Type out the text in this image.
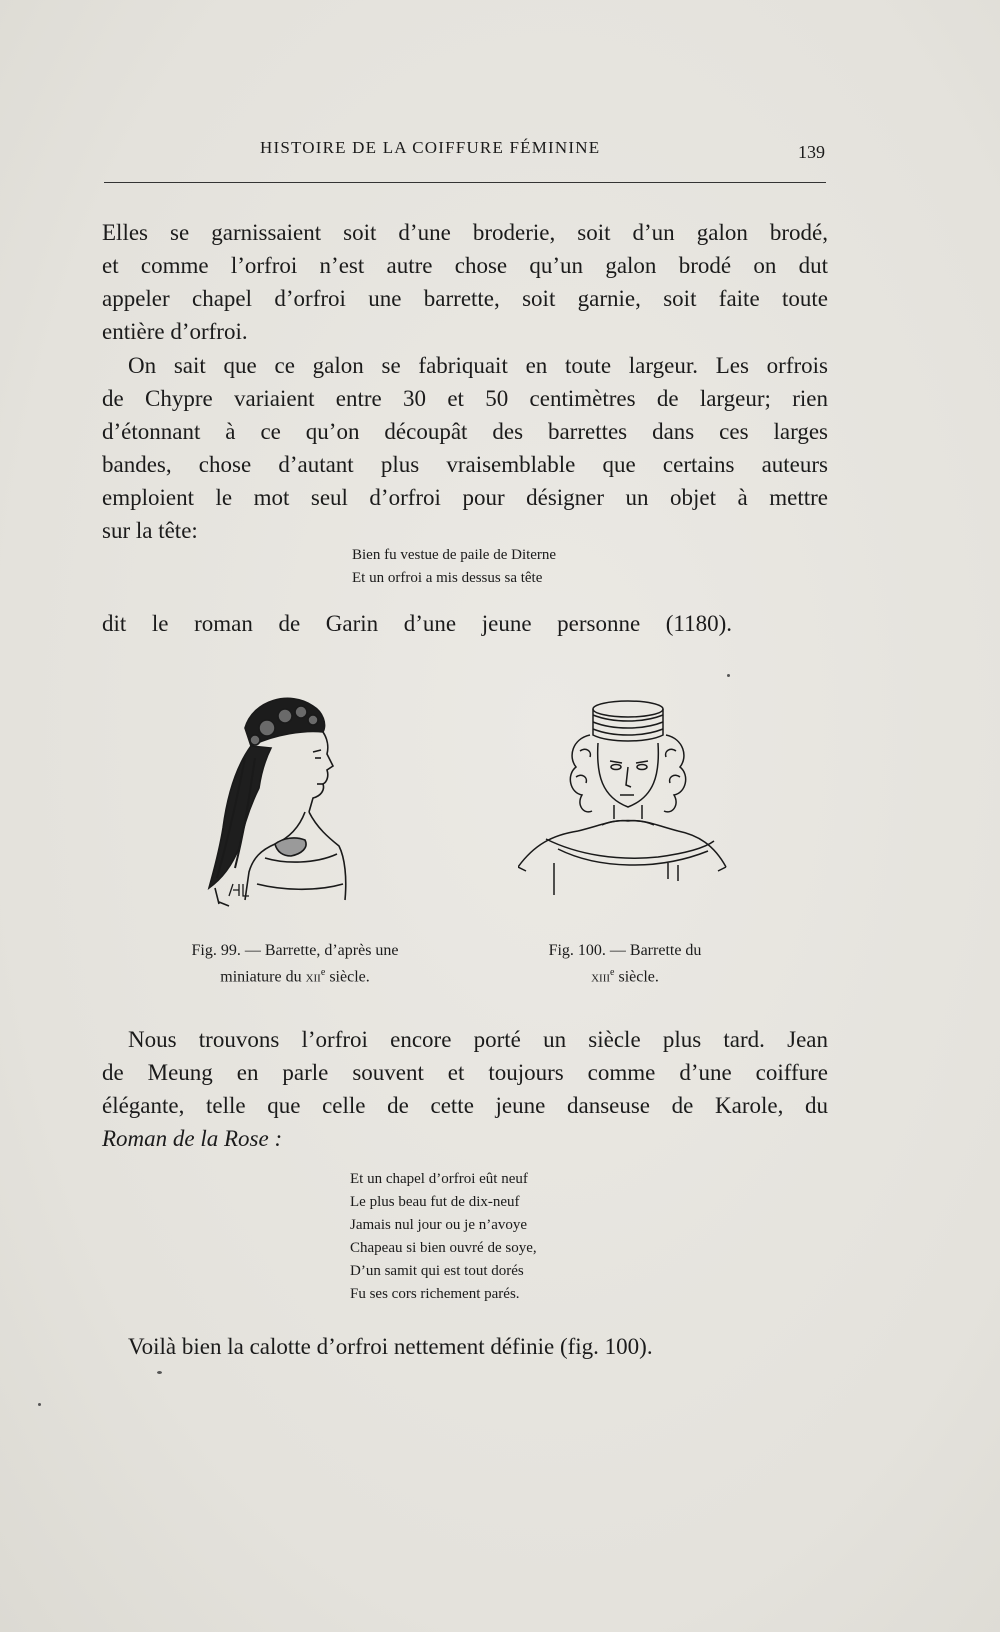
HISTOIRE DE LA COIFFURE FÉMININE	139
Elles se garnissaient soit d’une broderie, soit d’un galon brodé,
et comme l’orfroi n’est autre chose qu’un galon brodé on dut
appeler chapel d’orfroi une barrette, soit garnie, soit faite toute
entière d’orfroi.
On sait que ce galon se fabriquait en toute largeur. Les orfrois
de Chypre variaient entre 30 et 50 centimètres de largeur; rien
d’étonnant à ce qu’on découpât des barrettes dans ces larges
bandes, chose d’autant plus vraisemblable que certains auteurs
emploient le mot seul d’orfroi pour désigner un objet à mettre
sur la tête:
Bien fu vestue de paile de Diterne
Et un orfroi a mis dessus sa tête
dit le roman de Garin d’une jeune personne (1180).
Fig. 99. — Barrette, d’après une
miniature du xii$^e$ siècle.
Fig. 100. — Barrette du
xiii$^e$ siècle.
Nous trouvons l’orfroi encore porté un siècle plus tard. Jean
de Meung en parle souvent et toujours comme d’une coiffure
élégante, telle que celle de cette jeune danseuse de Karole, du
Roman de la Rose :
Et un chapel d’orfroi eût neuf
Le plus beau fut de dix-neuf
Jamais nul jour ou je n’avoye
Chapeau si bien ouvré de soye,
D’un samit qui est tout dorés
Fu ses cors richement parés.
Voilà bien la calotte d’orfroi nettement définie (fig. 100).
